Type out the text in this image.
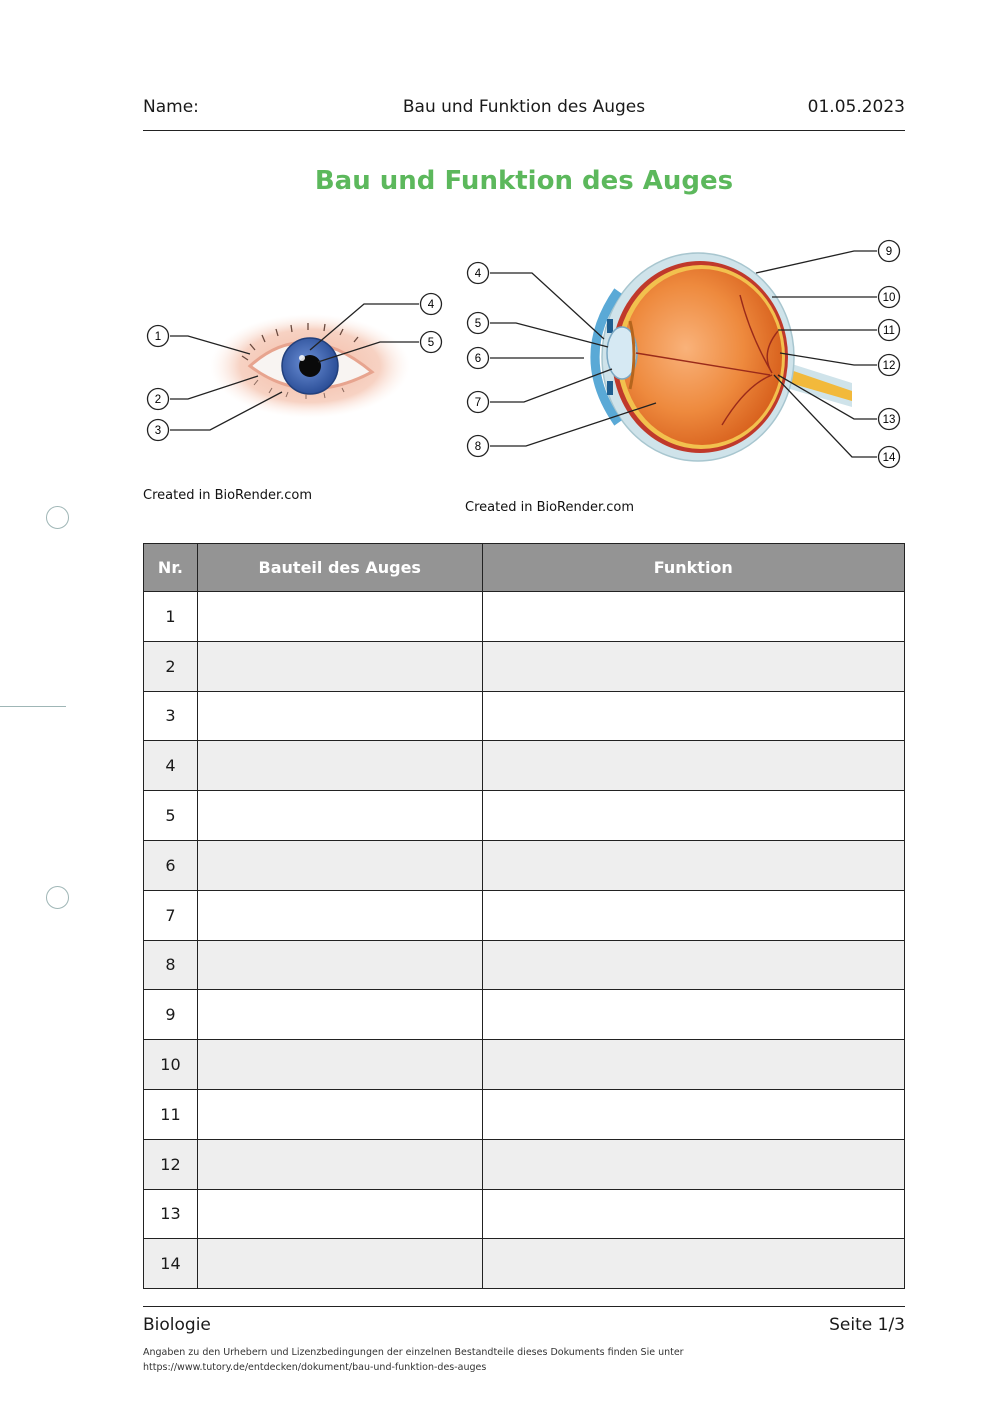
Name:	Bau und Funktion des Auges	01.05.2023
Bau und Funktion des Auges
1
2
3
4
5
Created in BioRender.com
4
5
6
7
8
9
10
11
12
13
14
Created in BioRender.com
Nr.	Bauteil des Auges	Funktion
1		
2		
3		
4		
5		
6		
7		
8		
9		
10		
11		
12		
13		
14		
Biologie	Seite 1/3
Angaben zu den Urhebern und Lizenzbedingungen der einzelnen Bestandteile dieses Dokuments finden Sie unter
https://www.tutory.de/entdecken/dokument/bau-und-funktion-des-auges
